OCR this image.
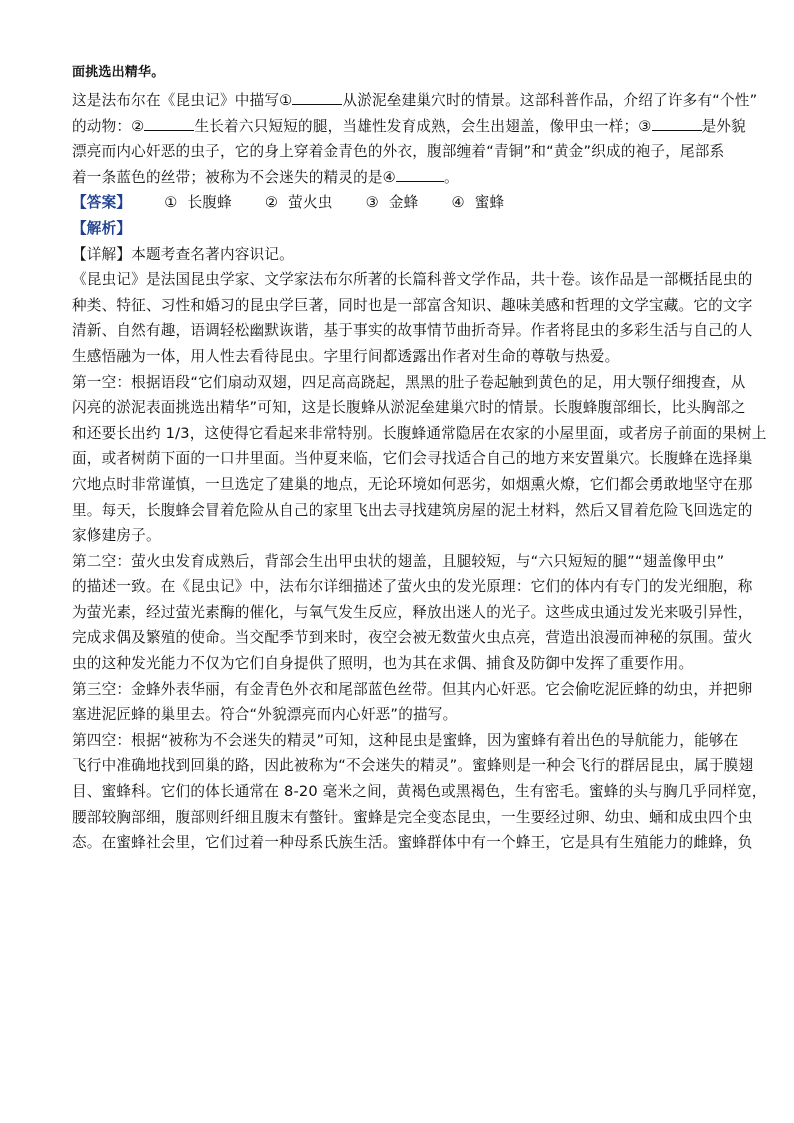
面挑选出精华。
这是法布尔在《昆虫记》中描写①	从淤泥垒建巢穴时的情景。这部科普作品，介绍了许多有“个性”
的动物：②	生长着六只短短的腿，当雄性发育成熟，会生出翅盖，像甲虫一样；③	是外貌
漂亮而内心奸恶的虫子，它的身上穿着金青色的外衣，腹部缠着“青铜”和“黄金”织成的袍子，尾部系
着一条蓝色的丝带；被称为不会迷失的精灵的是④	。
【答案】 ① 长腹蜂 ② 萤火虫 ③ 金蜂 ④ 蜜蜂
【解析】
【详解】本题考查名著内容识记。
《昆虫记》是法国昆虫学家、文学家法布尔所著的长篇科普文学作品，共十卷。该作品是一部概括昆虫的
种类、特征、习性和婚习的昆虫学巨著，同时也是一部富含知识、趣味美感和哲理的文学宝藏。它的文字
清新、自然有趣，语调轻松幽默诙谐，基于事实的故事情节曲折奇异。作者将昆虫的多彩生活与自己的人
生感悟融为一体，用人性去看待昆虫。字里行间都透露出作者对生命的尊敬与热爱。
第一空：根据语段“它们扇动双翅，四足高高跷起，黑黑的肚子卷起触到黄色的足，用大颚仔细搜查，从
闪亮的淤泥表面挑选出精华”可知，这是长腹蜂从淤泥垒建巢穴时的情景。长腹蜂腹部细长，比头胸部之
和还要长出约 1/3，这使得它看起来非常特别。长腹蜂通常隐居在农家的小屋里面，或者房子前面的果树上
面，或者树荫下面的一口井里面。当仲夏来临，它们会寻找适合自己的地方来安置巢穴。长腹蜂在选择巢
穴地点时非常谨慎，一旦选定了建巢的地点，无论环境如何恶劣，如烟熏火燎，它们都会勇敢地坚守在那
里。每天，长腹蜂会冒着危险从自己的家里飞出去寻找建筑房屋的泥土材料，然后又冒着危险飞回选定的
家修建房子。
第二空：萤火虫发育成熟后，背部会生出甲虫状的翅盖，且腿较短，与“六只短短的腿”“翅盖像甲虫”
的描述一致。在《昆虫记》中，法布尔详细描述了萤火虫的发光原理：它们的体内有专门的发光细胞，称
为萤光素，经过萤光素酶的催化，与氧气发生反应，释放出迷人的光子。这些成虫通过发光来吸引异性，
完成求偶及繁殖的使命。当交配季节到来时，夜空会被无数萤火虫点亮，营造出浪漫而神秘的氛围。萤火
虫的这种发光能力不仅为它们自身提供了照明，也为其在求偶、捕食及防御中发挥了重要作用。
第三空：金蜂外表华丽，有金青色外衣和尾部蓝色丝带。但其内心奸恶。它会偷吃泥匠蜂的幼虫，并把卵
塞进泥匠蜂的巢里去。符合“外貌漂亮而内心奸恶”的描写。
第四空：根据“被称为不会迷失的精灵”可知，这种昆虫是蜜蜂，因为蜜蜂有着出色的导航能力，能够在
飞行中准确地找到回巢的路，因此被称为“不会迷失的精灵”。蜜蜂则是一种会飞行的群居昆虫，属于膜翅
目、蜜蜂科。它们的体长通常在 8-20 毫米之间，黄褐色或黑褐色，生有密毛。蜜蜂的头与胸几乎同样宽，
腰部较胸部细，腹部则纤细且腹末有螫针。蜜蜂是完全变态昆虫，一生要经过卵、幼虫、蛹和成虫四个虫
态。在蜜蜂社会里，它们过着一种母系氏族生活。蜜蜂群体中有一个蜂王，它是具有生殖能力的雌蜂，负
